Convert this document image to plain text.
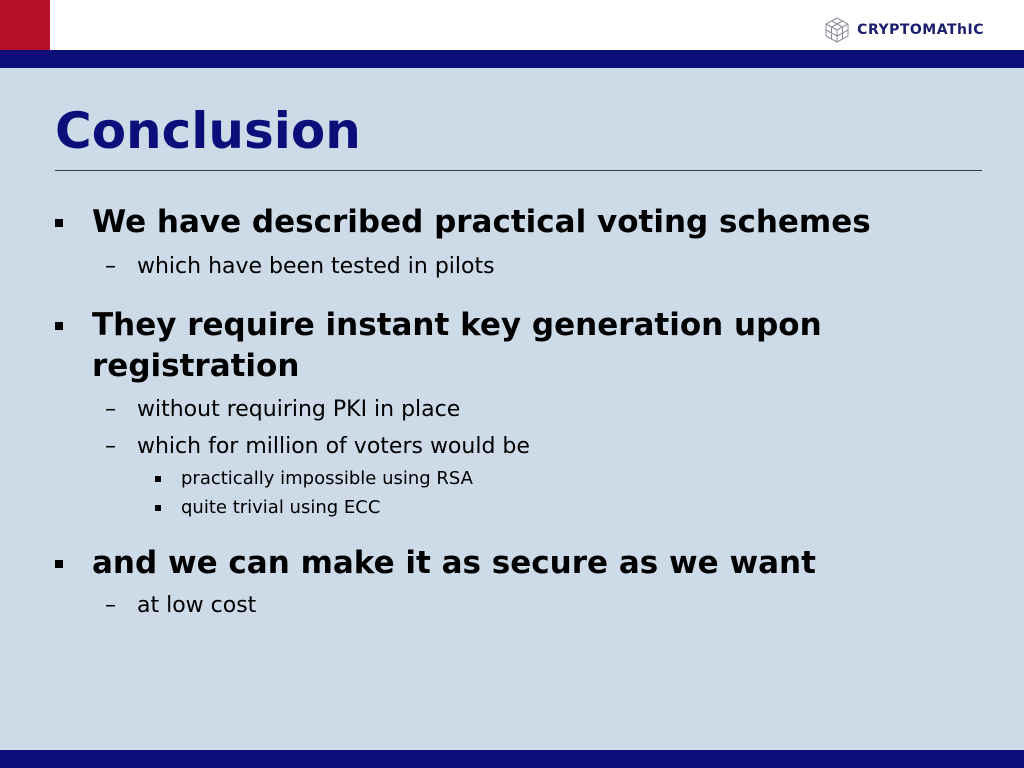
CRYPTOMAThIC
Conclusion
We have described practical voting schemes
– which have been tested in pilots
They require instant key generation upon registration
– without requiring PKI in place
– which for million of voters would be
practically impossible using RSA
quite trivial using ECC
and we can make it as secure as we want
– at low cost
